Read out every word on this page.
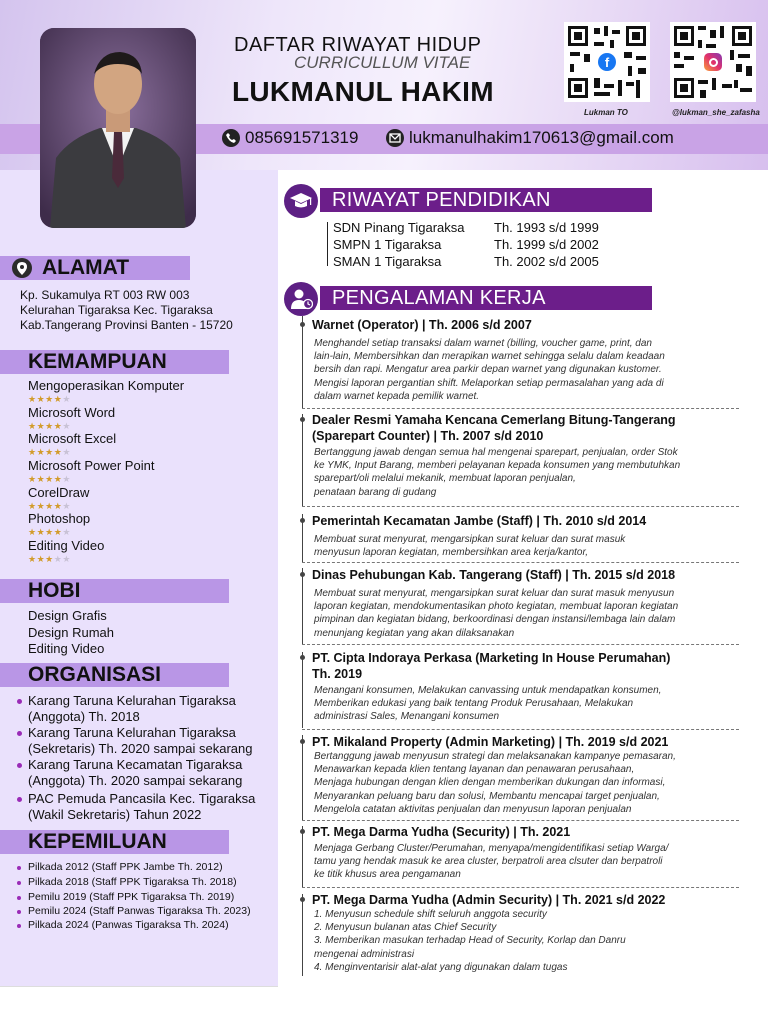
DAFTAR RIWAYAT HIDUP
CURRICULLUM VITAE
LUKMANUL HAKIM
f
Lukman TO	@lukman_she_zafasha
085691571319	lukmanulhakim170613@gmail.com
ALAMAT
Kp. Sukamulya RT 003 RW 003
Kelurahan Tigaraksa Kec. Tigaraksa
Kab.Tangerang Provinsi Banten - 15720
KEMAMPUAN
Mengoperasikan Komputer
★★★★★
Microsoft Word
★★★★★
Microsoft Excel
★★★★★
Microsoft Power Point
★★★★★
CorelDraw
★★★★★
Photoshop
★★★★★
Editing Video
★★★★★
HOBI
Design Grafis
Design Rumah
Editing Video
ORGANISASI
Karang Taruna Kelurahan Tigaraksa
(Anggota) Th. 2018
Karang Taruna Kelurahan Tigaraksa
(Sekretaris) Th. 2020 sampai sekarang
Karang Taruna Kecamatan Tigaraksa
(Anggota) Th. 2020 sampai sekarang
PAC Pemuda Pancasila Kec. Tigaraksa
(Wakil Sekretaris) Tahun 2022
KEPEMILUAN
Pilkada 2012 (Staff PPK Jambe Th. 2012)
Pilkada 2018 (Staff PPK Tigaraksa Th. 2018)
Pemilu 2019 (Staff PPK Tigaraksa Th. 2019)
Pemilu 2024 (Staff Panwas Tigaraksa Th. 2023)
Pilkada 2024 (Panwas Tigaraksa Th. 2024)
RIWAYAT PENDIDIKAN
SDN Pinang Tigaraksa Th. 1993 s/d 1999
SMPN 1 Tigaraksa	Th. 1999 s/d 2002
SMAN 1 Tigaraksa	Th. 2002 s/d 2005
PENGALAMAN KERJA
Warnet (Operator) | Th. 2006 s/d 2007
Menghandel setiap transaksi dalam warnet (billing, voucher game, print, dan
lain-lain, Membersihkan dan merapikan warnet sehingga selalu dalam keadaan
bersih dan rapi. Mengatur area parkir depan warnet yang digunakan kustomer.
Mengisi laporan pergantian shift. Melaporkan setiap permasalahan yang ada di
dalam warnet kepada pemilik warnet.
Dealer Resmi Yamaha Kencana Cemerlang Bitung-Tangerang
(Sparepart Counter) | Th. 2007 s/d 2010
Bertanggung jawab dengan semua hal mengenai sparepart, penjualan, order Stok
ke YMK, Input Barang, memberi pelayanan kepada konsumen yang membutuhkan
sparepart/oli melalui mekanik, membuat laporan penjualan,
penataan barang di gudang
Pemerintah Kecamatan Jambe (Staff) | Th. 2010 s/d 2014
Membuat surat menyurat, mengarsipkan surat keluar dan surat masuk
menyusun laporan kegiatan, membersihkan area kerja/kantor,
Dinas Pehubungan Kab. Tangerang (Staff) | Th. 2015 s/d 2018
Membuat surat menyurat, mengarsipkan surat keluar dan surat masuk menyusun
laporan kegiatan, mendokumentasikan photo kegiatan, membuat laporan kegiatan
pimpinan dan kegiatan bidang, berkoordinasi dengan instansi/lembaga lain dalam
menunjang kegiatan yang akan dilaksanakan
PT. Cipta Indoraya Perkasa (Marketing In House Perumahan)
Th. 2019
Menangani konsumen, Melakukan canvassing untuk mendapatkan konsumen,
Memberikan edukasi yang baik tentang Produk Perusahaan, Melakukan
administrasi Sales, Menangani konsumen
PT. Mikaland Property (Admin Marketing) | Th. 2019 s/d 2021
Bertanggung jawab menyusun strategi dan melaksanakan kampanye pemasaran,
Menawarkan kepada klien tentang layanan dan penawaran perusahaan,
Menjaga hubungan dengan klien dengan memberikan dukungan dan informasi,
Menyarankan peluang baru dan solusi, Membantu mencapai target penjualan,
Mengelola catatan aktivitas penjualan dan menyusun laporan penjualan
PT. Mega Darma Yudha (Security) | Th. 2021
Menjaga Gerbang Cluster/Perumahan, menyapa/mengidentifikasi setiap Warga/
tamu yang hendak masuk ke area cluster, berpatroli area clsuter dan berpatroli
ke titik khusus area pengamanan
PT. Mega Darma Yudha (Admin Security) | Th. 2021 s/d 2022
1. Menyusun schedule shift seluruh anggota security
2. Menyusun bulanan atas Chief Security
3. Memberikan masukan terhadap Head of Security, Korlap dan Danru
mengenai administrasi
4. Menginventarisir alat-alat yang digunakan dalam tugas
